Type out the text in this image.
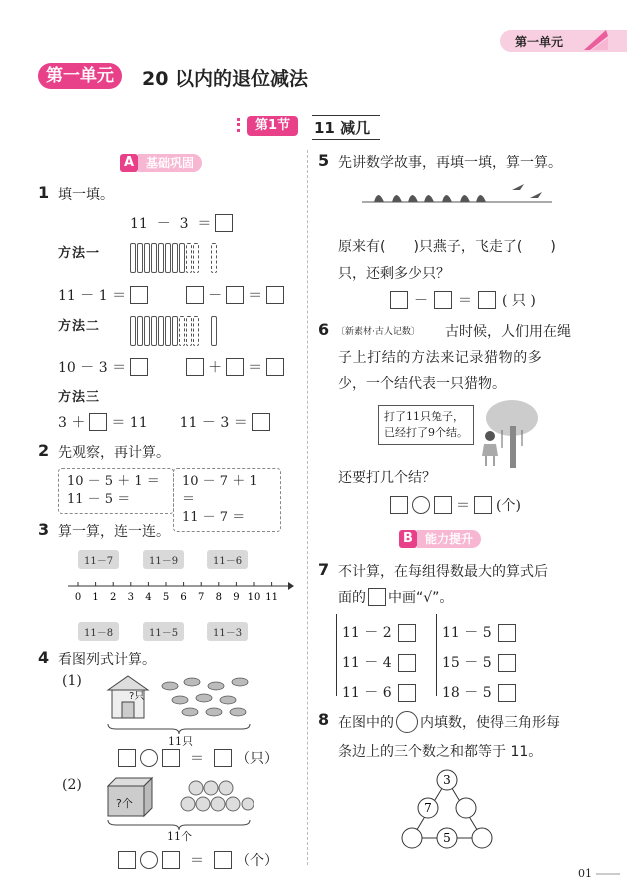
第一单元
第一单元	20 以内的退位减法
第1节	11 减几
A 基础巩固
1 填一填。
11  －  3  ＝
方法一
11 － 1 ＝	－ ＝
方法二
10 － 3 ＝	＋ ＝
方法三
3 ＋ ＝ 11 11 － 3 ＝
2 先观察，再计算。
10 － 5 ＋ 1 ＝
11 － 5 ＝
10 － 7 ＋ 1 ＝
11 － 7 ＝
3 算一算，连一连。
11－7	11－9	11－6
0 1 2 3 4 5 6 7 8 9 10 11
11－8	11－5	11－3
4 看图列式计算。
(1)
?只
11只
＝ （只）
(2)
?个
11个
＝ （个）
5 先讲数学故事，再填一填，算一算。
原来有(　　)只燕子，飞走了(　　)
只，还剩多少只？
－ ＝ ( 只 )
6 〔新素材·古人记数〕 古时候，人们用在绳
子上打结的方法来记录猎物的多
少，一个结代表一只猎物。
打了11只兔子，
已经打了9个结。
还要打几个结？
＝ (个)
B	能力提升
7 不计算，在每组得数最大的算式后
面的 中画“√”。
11 － 2
11 － 4
11 － 6
11 － 5
15 － 5
18 － 5
8 在图中的 内填数，使得三角形每
条边上的三个数之和都等于 11。
3
7
5
01
